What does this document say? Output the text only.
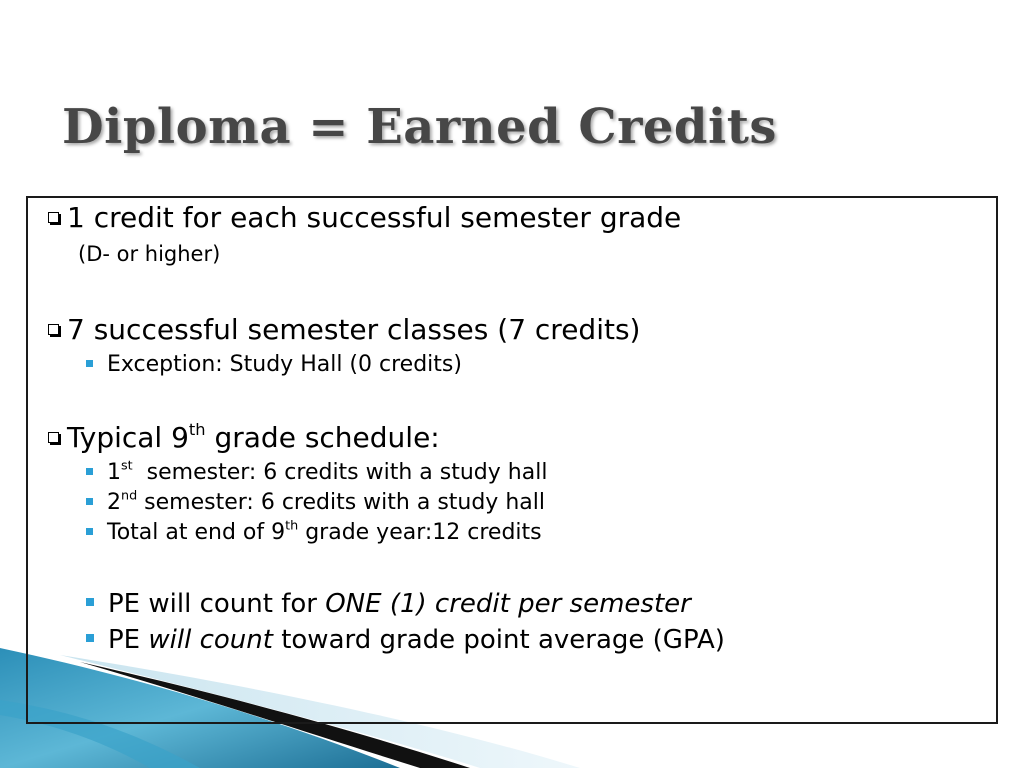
Diploma = Earned Credits
1 credit for each successful semester grade
(D- or higher)
7 successful semester classes (7 credits)
Exception: Study Hall (0 credits)
Typical 9th grade schedule:
1st  semester: 6 credits with a study hall
2nd semester: 6 credits with a study hall
Total at end of 9th grade year:12 credits
PE will count for ONE (1) credit per semester
PE will count toward grade point average (GPA)
